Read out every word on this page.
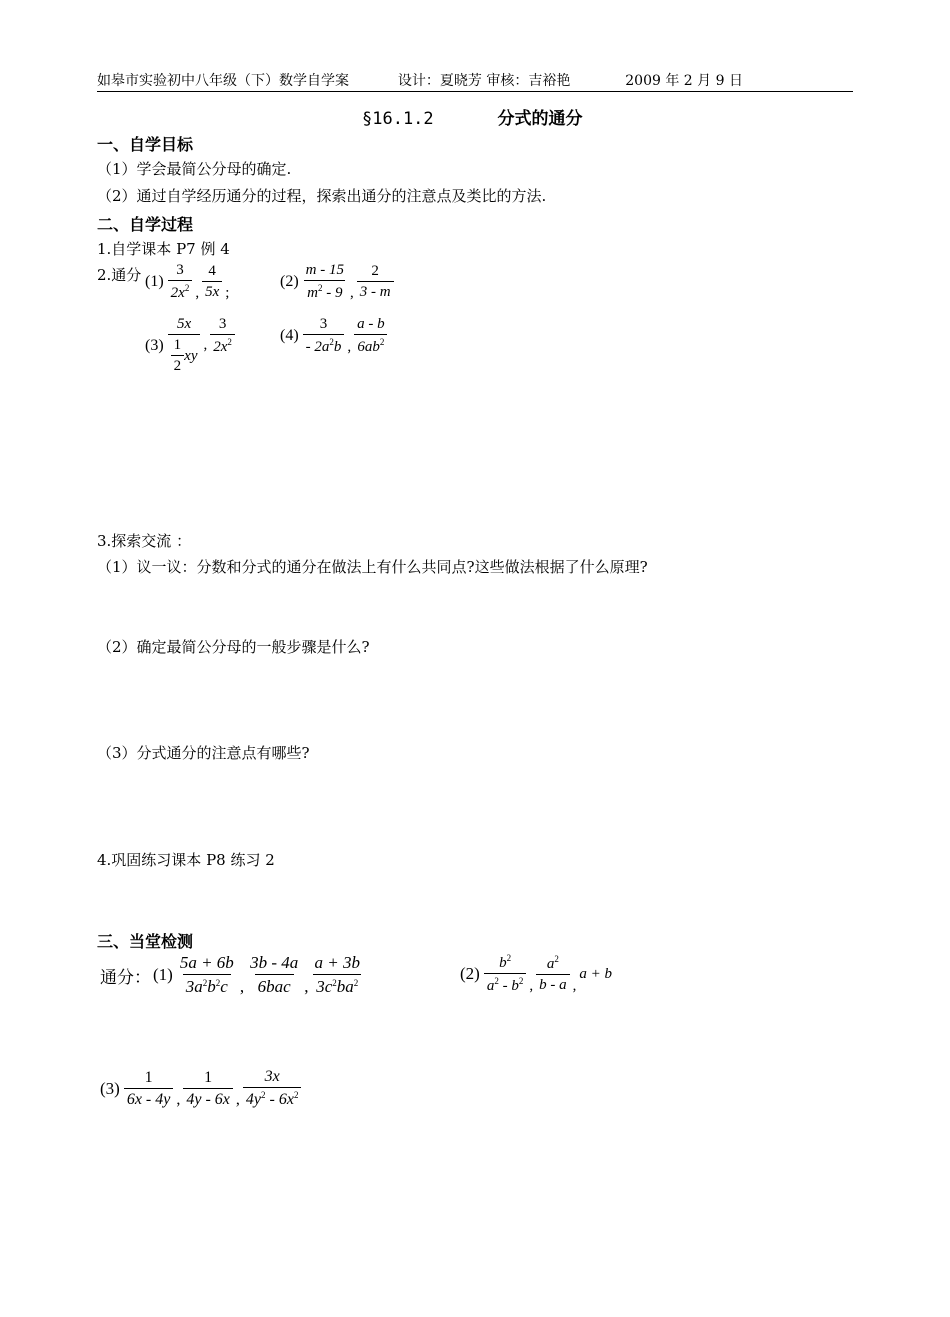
如皋市实验初中八年级（下）数学自学案	设计：夏晓芳 审核：吉裕艳	2009 年 2 月 9 日
§16.1.2	分式的通分
一、自学目标
（1）学会最简公分母的确定.
（2）通过自学经历通分的过程，探索出通分的注意点及类比的方法.
二、自学过程
1.自学课本 P7 例 4
2.通分 $(1) \frac{3}{2x^2}$ , $\frac{4}{5x}$ ;
$(2) \frac{m - 15}{m^2 - 9}$ , $\frac{2}{3 - m}$
$(3) \frac{5x}{\frac{1}{2} xy}$ , $\frac{3}{2x^2}$	$(4) \frac{3}{- 2a^2b}$ , $\frac{a - b}{6ab^2}$
3.探索交流 ：
（1）议一议：分数和分式的通分在做法上有什么共同点?这些做法根据了什么原理?
（2）确定最简公分母的一般步骤是什么?
（3）分式通分的注意点有哪些?
4.巩固练习课本 P8 练习 2
三、当堂检测
通分： $(1) \frac{5a + 6b}{3a^2b^2c}$ , $\frac{3b - 4a}{\text{6bac}}$ , $\frac{a + 3b}{3c^2ba^2}$	$(2) \frac{b^2}{a^2 - b^2}$ , $\frac{a^2}{b - a}$ ,
a + b
$(3) \frac{1}{6x - 4y}$ , $\frac{1}{4y - 6x}$ , $\frac{3x}{4y^2 - 6x^2}$
